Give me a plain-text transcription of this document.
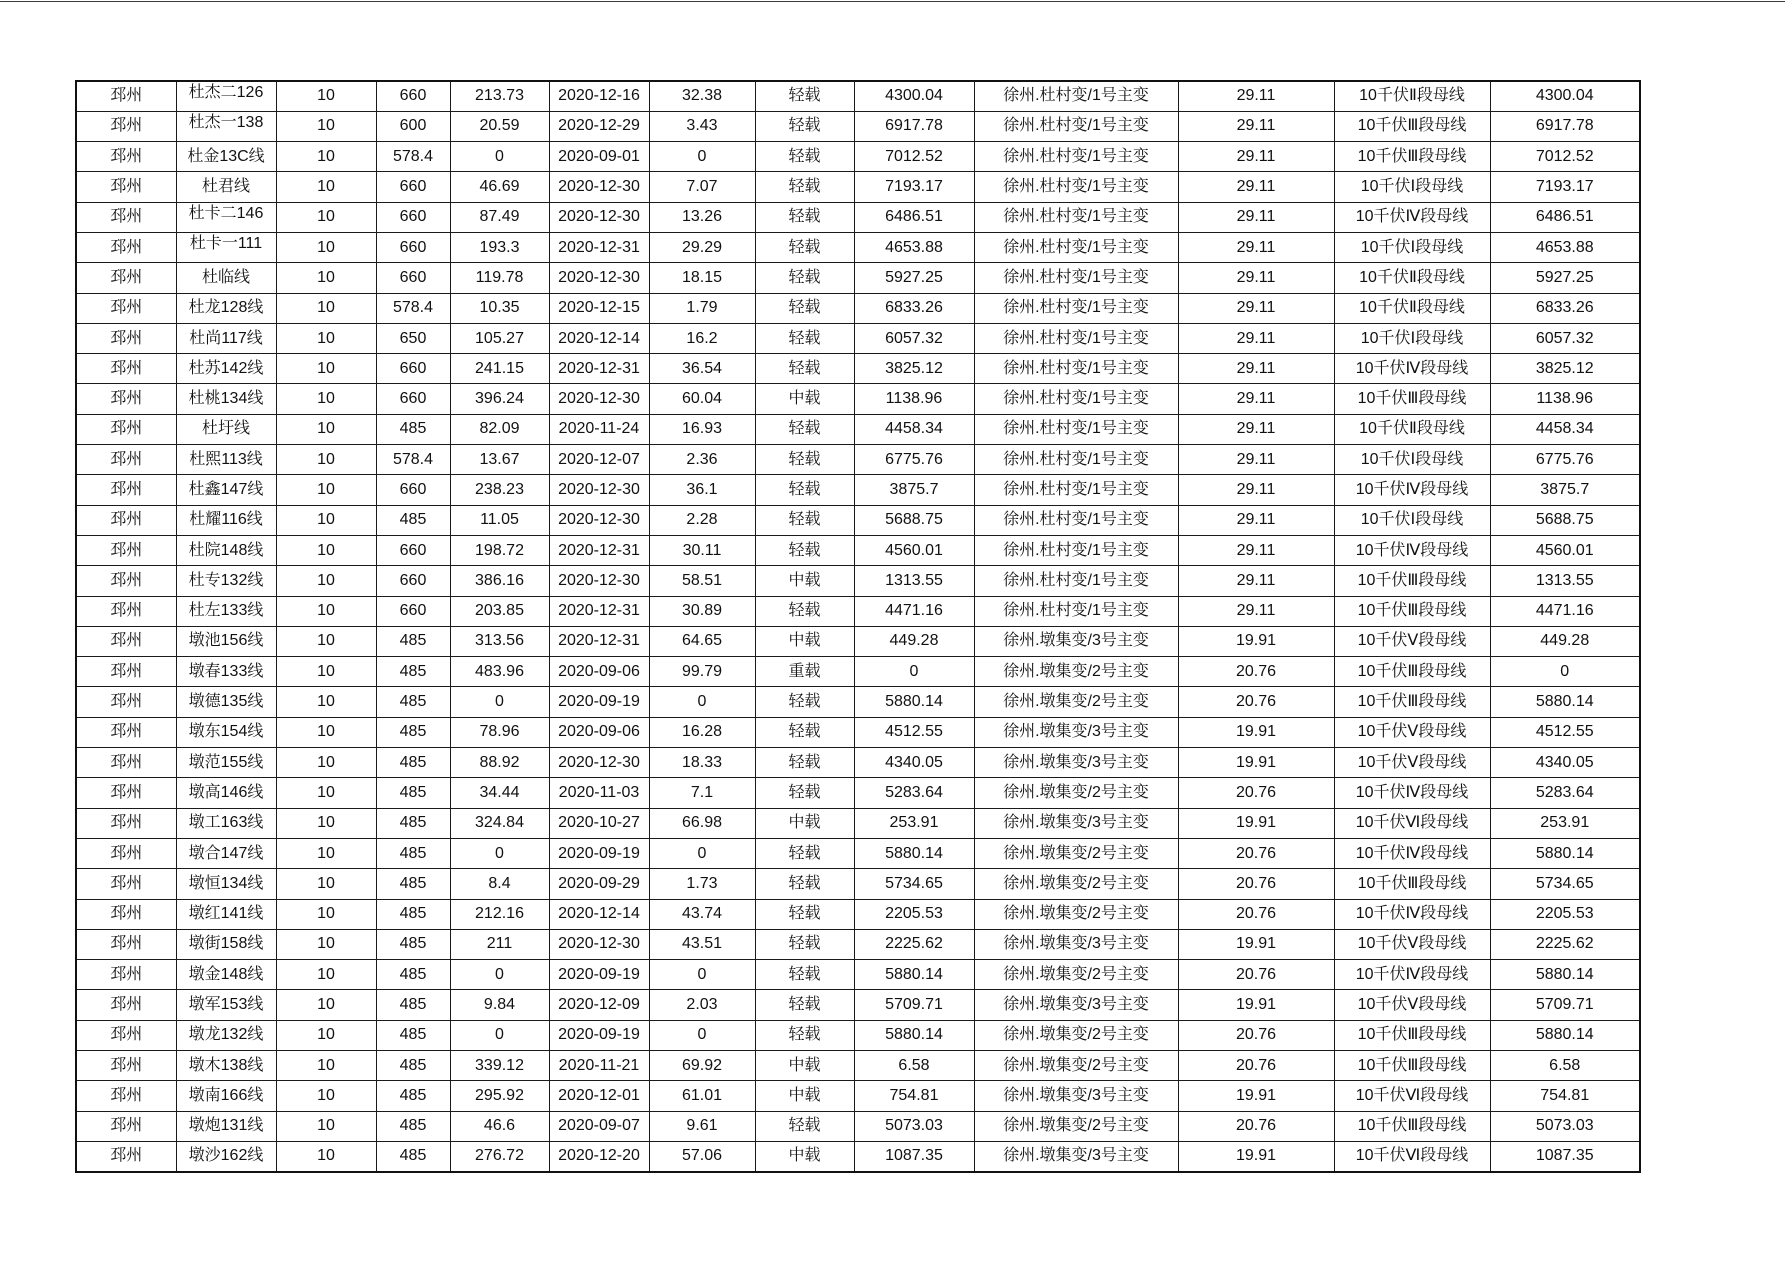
邳州	杜杰二126	10	660	213.73	2020-12-16	32.38	轻载	4300.04	徐州.杜村变/1号主变	29.11	10千伏Ⅱ段母线	4300.04
邳州	杜杰一138	10	600	20.59	2020-12-29	3.43	轻载	6917.78	徐州.杜村变/1号主变	29.11	10千伏Ⅲ段母线	6917.78
邳州	杜金13C线	10	578.4	0	2020-09-01	0	轻载	7012.52	徐州.杜村变/1号主变	29.11	10千伏Ⅲ段母线	7012.52
邳州	杜君线	10	660	46.69	2020-12-30	7.07	轻载	7193.17	徐州.杜村变/1号主变	29.11	10千伏Ⅰ段母线	7193.17
邳州	杜卡二146	10	660	87.49	2020-12-30	13.26	轻载	6486.51	徐州.杜村变/1号主变	29.11	10千伏Ⅳ段母线	6486.51
邳州	杜卡一111	10	660	193.3	2020-12-31	29.29	轻载	4653.88	徐州.杜村变/1号主变	29.11	10千伏Ⅰ段母线	4653.88
邳州	杜临线	10	660	119.78	2020-12-30	18.15	轻载	5927.25	徐州.杜村变/1号主变	29.11	10千伏Ⅱ段母线	5927.25
邳州	杜龙128线	10	578.4	10.35	2020-12-15	1.79	轻载	6833.26	徐州.杜村变/1号主变	29.11	10千伏Ⅱ段母线	6833.26
邳州	杜尚117线	10	650	105.27	2020-12-14	16.2	轻载	6057.32	徐州.杜村变/1号主变	29.11	10千伏Ⅰ段母线	6057.32
邳州	杜苏142线	10	660	241.15	2020-12-31	36.54	轻载	3825.12	徐州.杜村变/1号主变	29.11	10千伏Ⅳ段母线	3825.12
邳州	杜桃134线	10	660	396.24	2020-12-30	60.04	中载	1138.96	徐州.杜村变/1号主变	29.11	10千伏Ⅲ段母线	1138.96
邳州	杜圩线	10	485	82.09	2020-11-24	16.93	轻载	4458.34	徐州.杜村变/1号主变	29.11	10千伏Ⅱ段母线	4458.34
邳州	杜熙113线	10	578.4	13.67	2020-12-07	2.36	轻载	6775.76	徐州.杜村变/1号主变	29.11	10千伏Ⅰ段母线	6775.76
邳州	杜鑫147线	10	660	238.23	2020-12-30	36.1	轻载	3875.7	徐州.杜村变/1号主变	29.11	10千伏Ⅳ段母线	3875.7
邳州	杜耀116线	10	485	11.05	2020-12-30	2.28	轻载	5688.75	徐州.杜村变/1号主变	29.11	10千伏Ⅰ段母线	5688.75
邳州	杜院148线	10	660	198.72	2020-12-31	30.11	轻载	4560.01	徐州.杜村变/1号主变	29.11	10千伏Ⅳ段母线	4560.01
邳州	杜专132线	10	660	386.16	2020-12-30	58.51	中载	1313.55	徐州.杜村变/1号主变	29.11	10千伏Ⅲ段母线	1313.55
邳州	杜左133线	10	660	203.85	2020-12-31	30.89	轻载	4471.16	徐州.杜村变/1号主变	29.11	10千伏Ⅲ段母线	4471.16
邳州	墩池156线	10	485	313.56	2020-12-31	64.65	中载	449.28	徐州.墩集变/3号主变	19.91	10千伏Ⅴ段母线	449.28
邳州	墩春133线	10	485	483.96	2020-09-06	99.79	重载	0	徐州.墩集变/2号主变	20.76	10千伏Ⅲ段母线	0
邳州	墩德135线	10	485	0	2020-09-19	0	轻载	5880.14	徐州.墩集变/2号主变	20.76	10千伏Ⅲ段母线	5880.14
邳州	墩东154线	10	485	78.96	2020-09-06	16.28	轻载	4512.55	徐州.墩集变/3号主变	19.91	10千伏Ⅴ段母线	4512.55
邳州	墩范155线	10	485	88.92	2020-12-30	18.33	轻载	4340.05	徐州.墩集变/3号主变	19.91	10千伏Ⅴ段母线	4340.05
邳州	墩高146线	10	485	34.44	2020-11-03	7.1	轻载	5283.64	徐州.墩集变/2号主变	20.76	10千伏Ⅳ段母线	5283.64
邳州	墩工163线	10	485	324.84	2020-10-27	66.98	中载	253.91	徐州.墩集变/3号主变	19.91	10千伏Ⅵ段母线	253.91
邳州	墩合147线	10	485	0	2020-09-19	0	轻载	5880.14	徐州.墩集变/2号主变	20.76	10千伏Ⅳ段母线	5880.14
邳州	墩恒134线	10	485	8.4	2020-09-29	1.73	轻载	5734.65	徐州.墩集变/2号主变	20.76	10千伏Ⅲ段母线	5734.65
邳州	墩红141线	10	485	212.16	2020-12-14	43.74	轻载	2205.53	徐州.墩集变/2号主变	20.76	10千伏Ⅳ段母线	2205.53
邳州	墩街158线	10	485	211	2020-12-30	43.51	轻载	2225.62	徐州.墩集变/3号主变	19.91	10千伏Ⅴ段母线	2225.62
邳州	墩金148线	10	485	0	2020-09-19	0	轻载	5880.14	徐州.墩集变/2号主变	20.76	10千伏Ⅳ段母线	5880.14
邳州	墩军153线	10	485	9.84	2020-12-09	2.03	轻载	5709.71	徐州.墩集变/3号主变	19.91	10千伏Ⅴ段母线	5709.71
邳州	墩龙132线	10	485	0	2020-09-19	0	轻载	5880.14	徐州.墩集变/2号主变	20.76	10千伏Ⅲ段母线	5880.14
邳州	墩木138线	10	485	339.12	2020-11-21	69.92	中载	6.58	徐州.墩集变/2号主变	20.76	10千伏Ⅲ段母线	6.58
邳州	墩南166线	10	485	295.92	2020-12-01	61.01	中载	754.81	徐州.墩集变/3号主变	19.91	10千伏Ⅵ段母线	754.81
邳州	墩炮131线	10	485	46.6	2020-09-07	9.61	轻载	5073.03	徐州.墩集变/2号主变	20.76	10千伏Ⅲ段母线	5073.03
邳州	墩沙162线	10	485	276.72	2020-12-20	57.06	中载	1087.35	徐州.墩集变/3号主变	19.91	10千伏Ⅵ段母线	1087.35
